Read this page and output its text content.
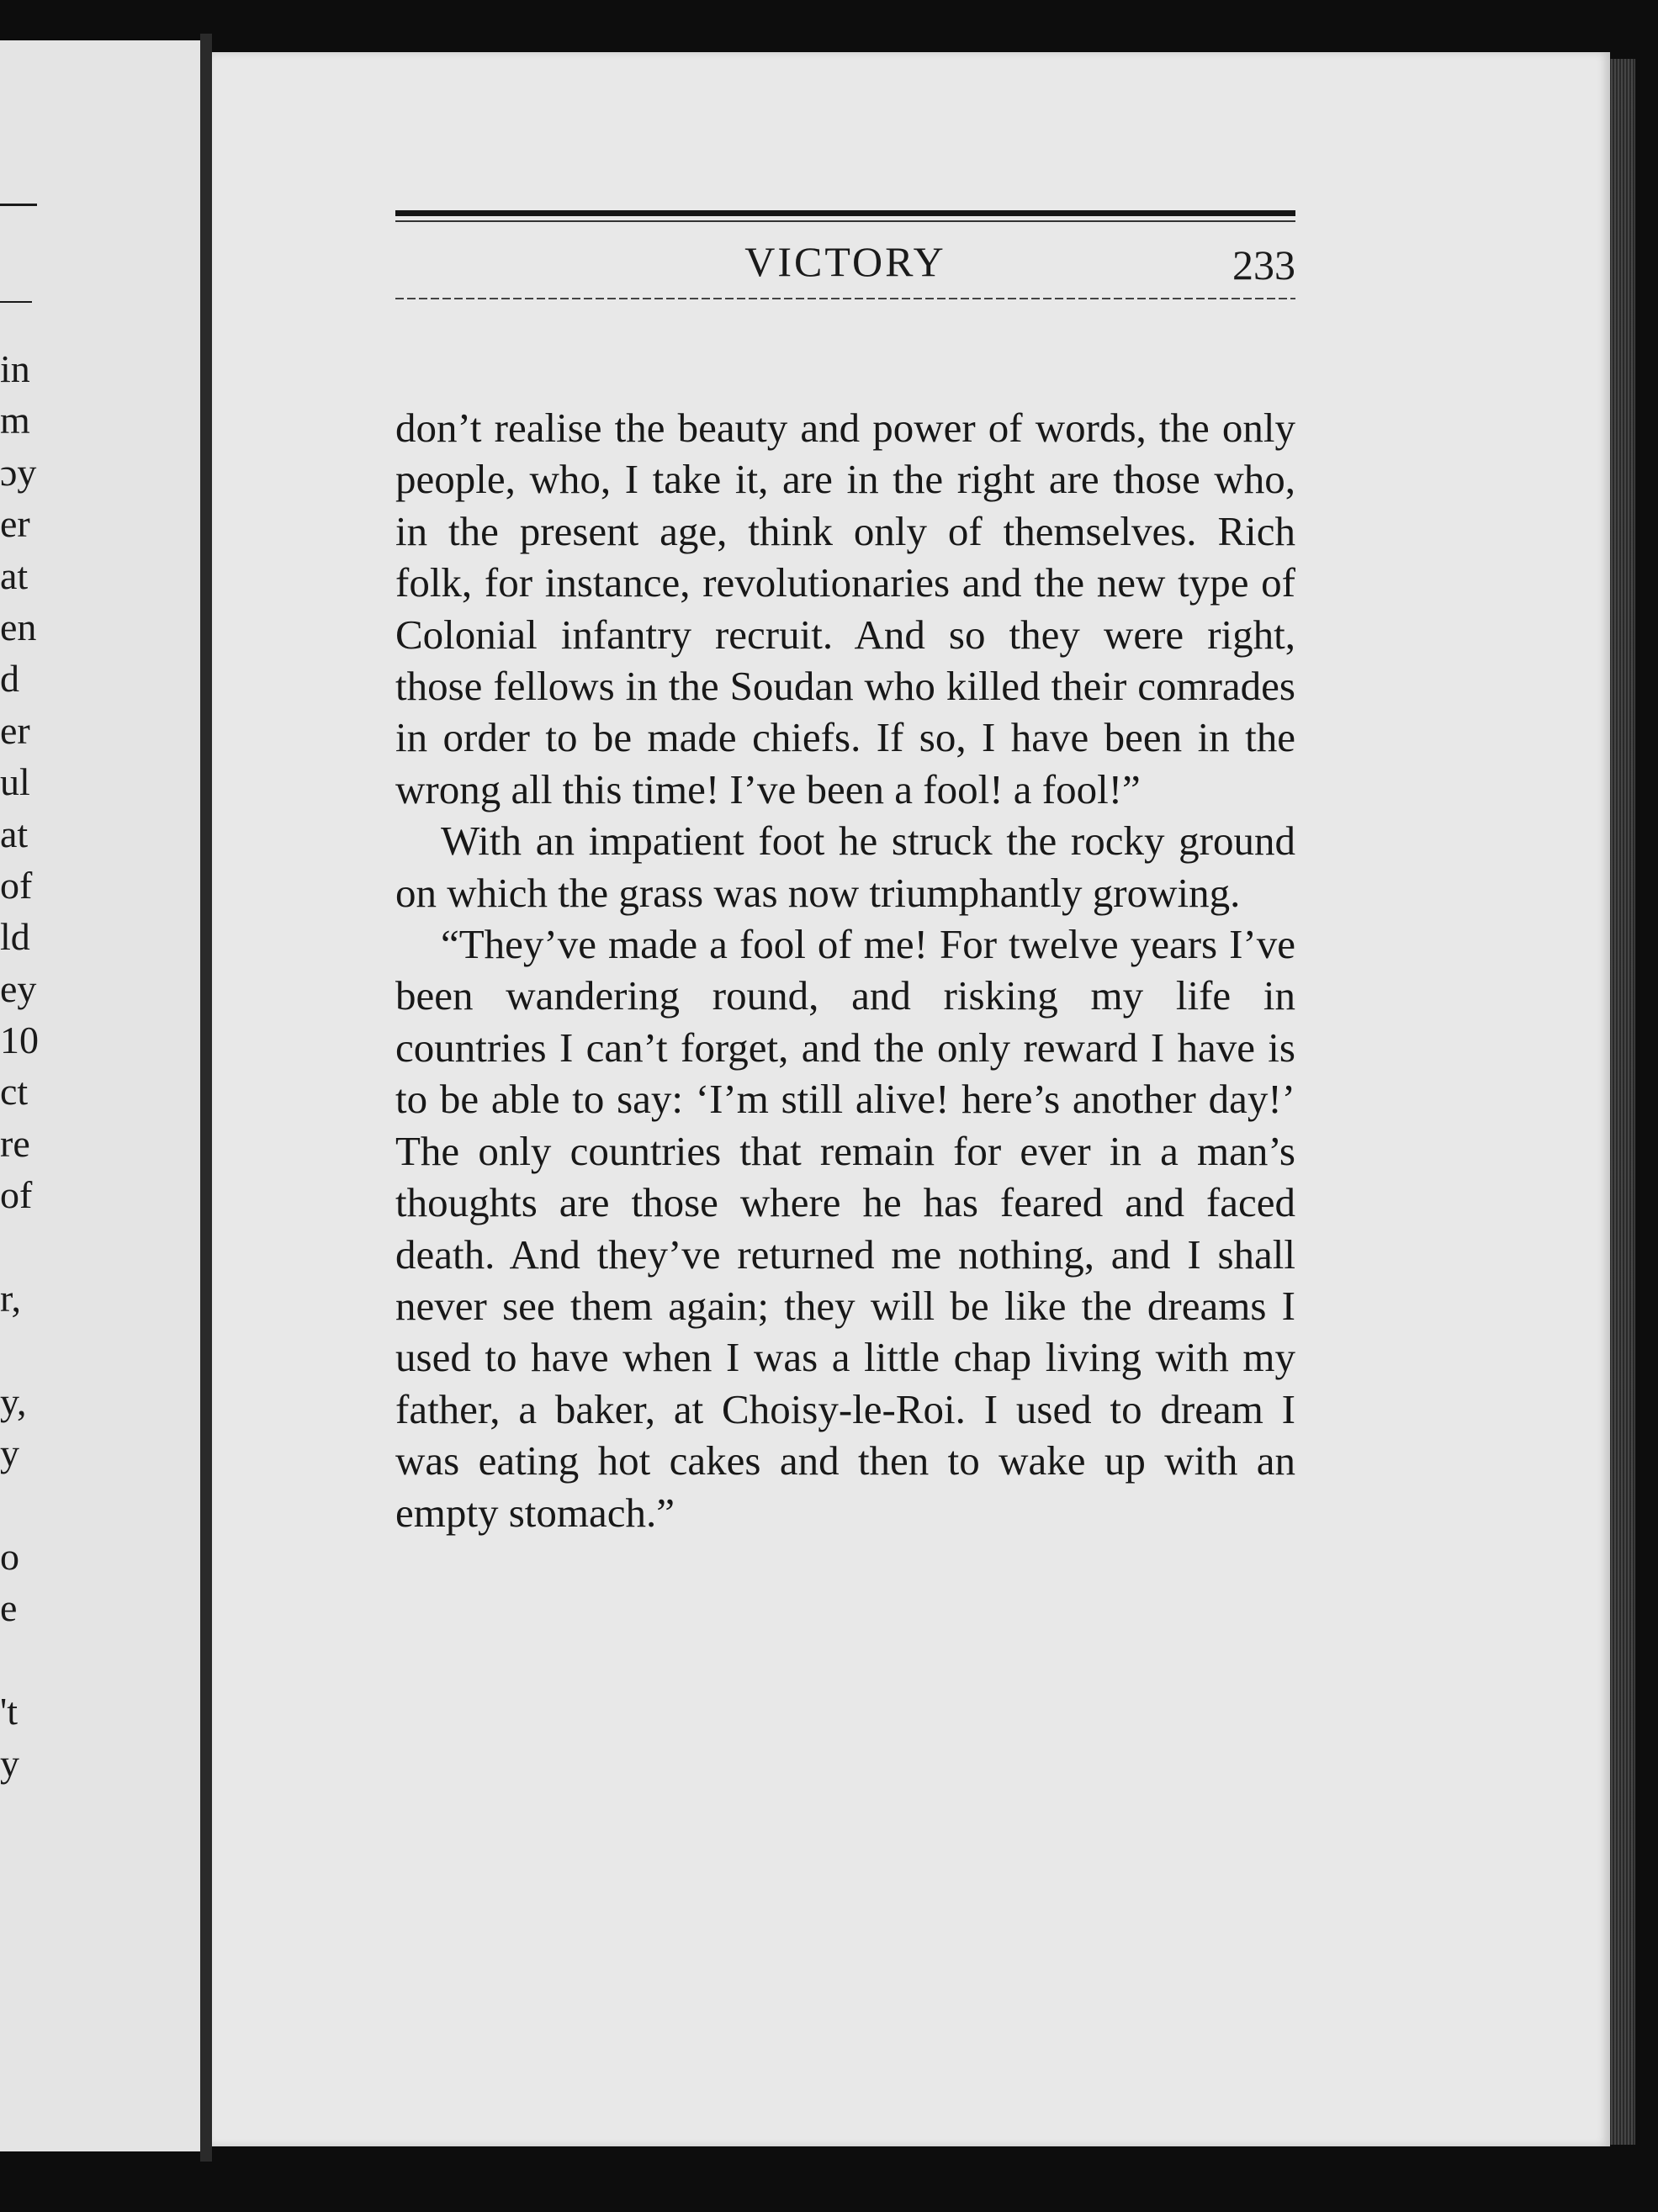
in
m
ɔy
er
at
en
d
er
ul
at
of
ld
ey
10
ct
re
of
r,
y,
y
o
e
't
y
VICTORY	233

don’t realise the beauty and power of words, the only people, who, I take it, are in the right are those who, in the present age, think only of themselves. Rich folk, for instance, revolutionaries and the new type of Colonial infantry recruit. And so they were right, those fellows in the Soudan who killed their comrades in order to be made chiefs. If so, I have been in the wrong all this time! I’ve been a fool! a fool!”

With an impatient foot he struck the rocky ground on which the grass was now triumphantly growing.

“They’ve made a fool of me! For twelve years I’ve been wandering round, and risking my life in countries I can’t forget, and the only reward I have is to be able to say: ‘I’m still alive! here’s another day!’ The only countries that remain for ever in a man’s thoughts are those where he has feared and faced death. And they’ve returned me nothing, and I shall never see them again; they will be like the dreams I used to have when I was a little chap living with my father, a baker, at Choisy-le-Roi. I used to dream I was eating hot cakes and then to wake up with an empty stomach.”
